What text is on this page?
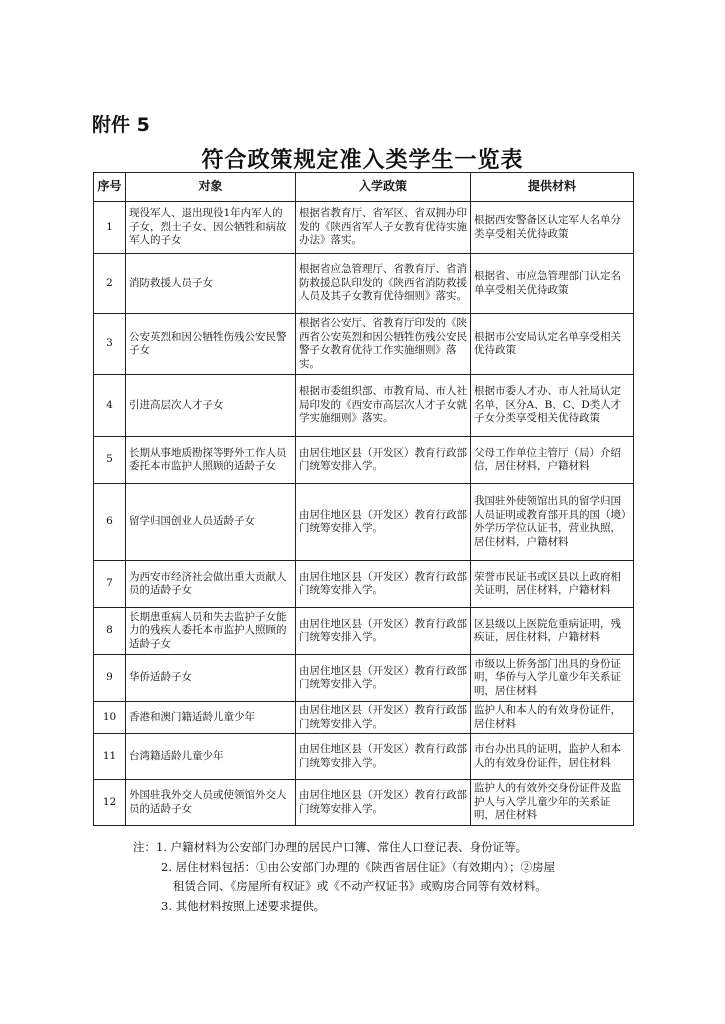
附件 5
符合政策规定准入类学生一览表
序号	对象	入学政策	提供材料
1	现役军人、退出现役1年内军人的子女，烈士子女、因公牺牲和病故军人的子女	根据省教育厅、省军区、省双拥办印发的《陕西省军人子女教育优待实施办法》落实。	根据西安警备区认定军人名单分类享受相关优待政策
2	消防救援人员子女	根据省应急管理厅、省教育厅、省消防救援总队印发的《陕西省消防救援人员及其子女教育优待细则》落实。	根据省、市应急管理部门认定名单享受相关优待政策
3	公安英烈和因公牺牲伤残公安民警子女	根据省公安厅、省教育厅印发的《陕西省公安英烈和因公牺牲伤残公安民警子女教育优待工作实施细则》落实。	根据市公安局认定名单享受相关优待政策
4	引进高层次人才子女	根据市委组织部、市教育局、市人社局印发的《西安市高层次人才子女就学实施细则》落实。	根据市委人才办、市人社局认定名单，区分A、B、C、D类人才子女分类享受相关优待政策
5	长期从事地质勘探等野外工作人员委托本市监护人照顾的适龄子女	由居住地区县（开发区）教育行政部门统筹安排入学。	父母工作单位主管厅（局）介绍信，居住材料，户籍材料
6	留学归国创业人员适龄子女	由居住地区县（开发区）教育行政部门统筹安排入学。	我国驻外使领馆出具的留学归国人员证明或教育部开具的国（境）外学历学位认证书，营业执照，居住材料，户籍材料
7	为西安市经济社会做出重大贡献人员的适龄子女	由居住地区县（开发区）教育行政部门统筹安排入学。	荣誉市民证书或区县以上政府相关证明，居住材料，户籍材料
8	长期患重病人员和失去监护子女能力的残疾人委托本市监护人照顾的适龄子女	由居住地区县（开发区）教育行政部门统筹安排入学。	区县级以上医院危重病证明，残疾证，居住材料，户籍材料
9	华侨适龄子女	由居住地区县（开发区）教育行政部门统筹安排入学。	市级以上侨务部门出具的身份证明，华侨与入学儿童少年关系证明，居住材料
10	香港和澳门籍适龄儿童少年	由居住地区县（开发区）教育行政部门统筹安排入学。	监护人和本人的有效身份证件，居住材料
11	台湾籍适龄儿童少年	由居住地区县（开发区）教育行政部门统筹安排入学。	市台办出具的证明，监护人和本人的有效身份证件，居住材料
12	外国驻我外交人员或使领馆外交人员的适龄子女	由居住地区县（开发区）教育行政部门统筹安排入学。	监护人的有效外交身份证件及监护人与入学儿童少年的关系证明，居住材料
注：1. 户籍材料为公安部门办理的居民户口簿、常住人口登记表、身份证等。
2. 居住材料包括：①由公安部门办理的《陕西省居住证》（有效期内）；②房屋
租赁合同、《房屋所有权证》或《不动产权证书》或购房合同等有效材料。
3. 其他材料按照上述要求提供。
